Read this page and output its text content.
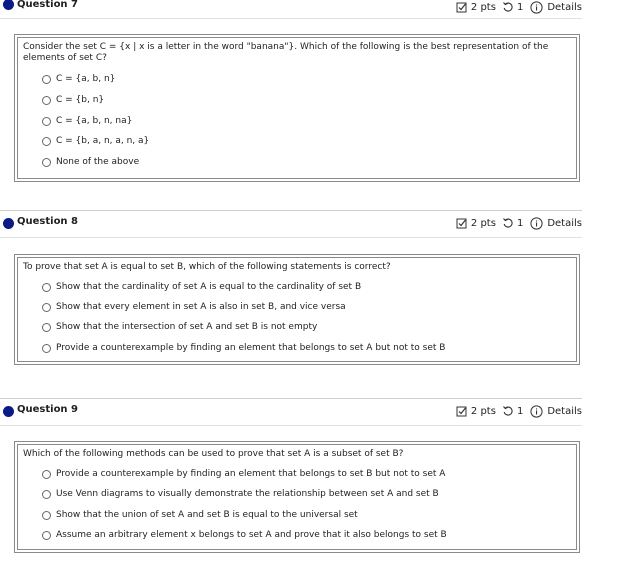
Question 7	2 pts 1 Details
Consider the set C = {x | x is a letter in the word "banana"}. Which of the following is the best representation of the elements of set C?
C = {a, b, n}
C = {b, n}
C = {a, b, n, na}
C = {b, a, n, a, n, a}
None of the above
Question 8	2 pts 1 Details
To prove that set A is equal to set B, which of the following statements is correct?
Show that the cardinality of set A is equal to the cardinality of set B
Show that every element in set A is also in set B, and vice versa
Show that the intersection of set A and set B is not empty
Provide a counterexample by finding an element that belongs to set A but not to set B
Question 9	2 pts 1 Details
Which of the following methods can be used to prove that set A is a subset of set B?
Provide a counterexample by finding an element that belongs to set B but not to set A
Use Venn diagrams to visually demonstrate the relationship between set A and set B
Show that the union of set A and set B is equal to the universal set
Assume an arbitrary element x belongs to set A and prove that it also belongs to set B
